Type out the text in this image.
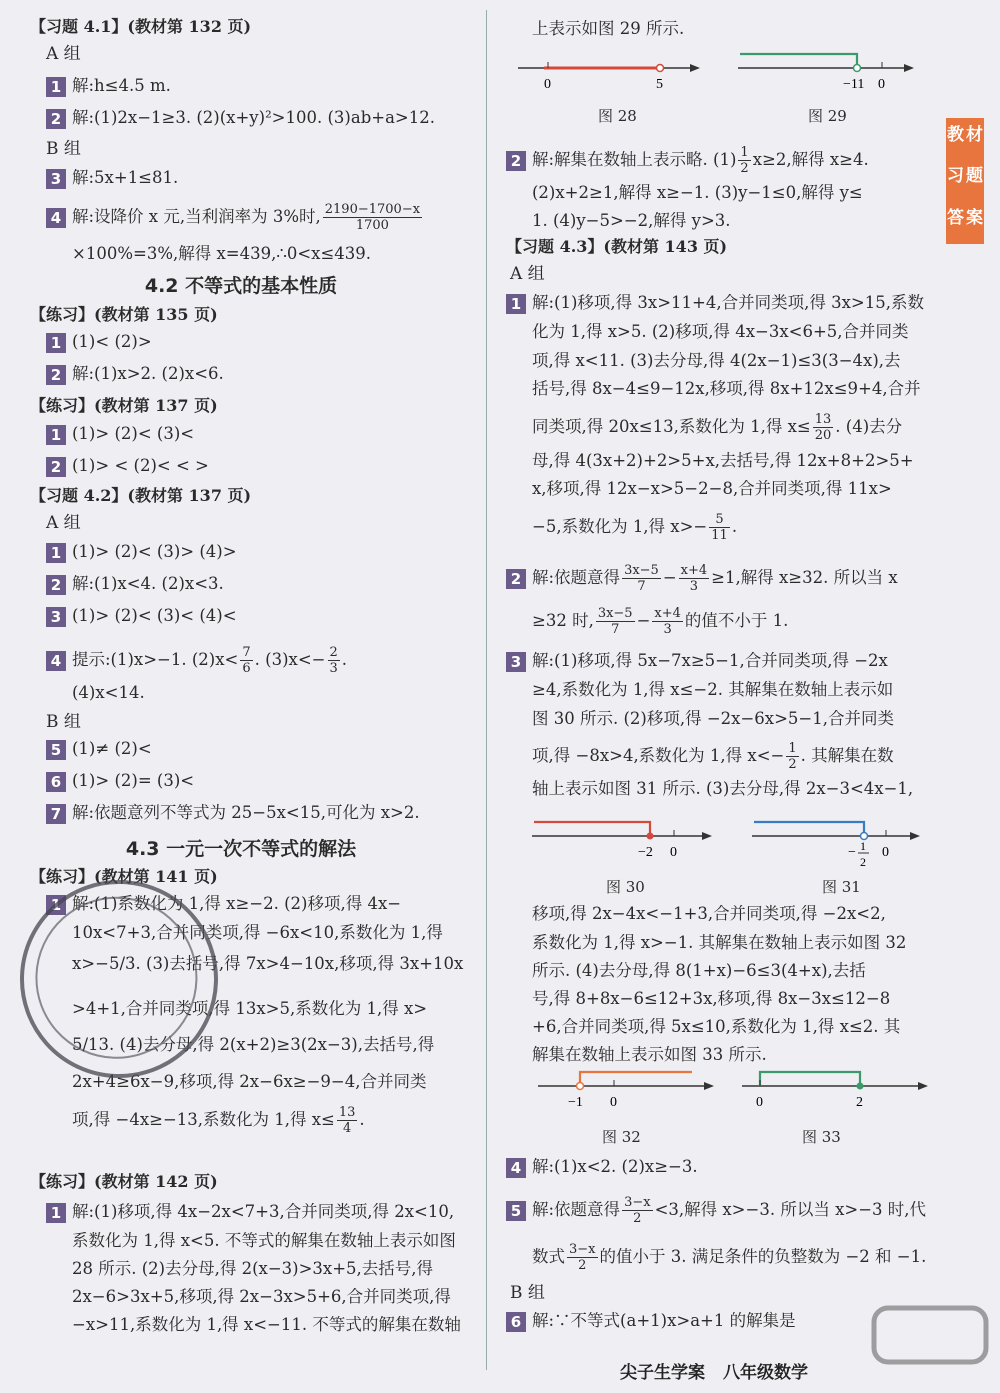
【习题 4.1】(教材第 132 页)
A 组
1 解:h≤4.5 m.
2 解:(1)2x−1≥3. (2)(x+y)²>100. (3)ab+a>12.
B 组
3 解:5x+1≤81.
4 解:设降价 x 元,当利润率为 3%时, $\frac{2190-1700-x}{1700}$
×100%=3%,解得 x=439,∴0<x≤439.
4.2 不等式的基本性质
【练习】(教材第 135 页)
1 (1)< (2)>
2 解:(1)x>2. (2)x<6.
【练习】(教材第 137 页)
1 (1)> (2)< (3)<
2 (1)> < (2)< < >
【习题 4.2】(教材第 137 页)
A 组
1 (1)> (2)< (3)> (4)>
2 解:(1)x<4. (2)x<3.
3 (1)> (2)< (3)< (4)<
4 提示:(1)x>−1. $(2)x< \frac{7}{6}$ . $(3)x<- \frac{2}{3}$ .
(4)x<14.
B 组
5 (1)≠ (2)<
6 (1)> (2)= (3)<
7 解:依题意列不等式为 25−5x<15,可化为 x>2.
4.3 一元一次不等式的解法
【练习】(教材第 141 页)
1 解:(1)系数化为 1,得 x≥−2. (2)移项,得 4x−
10x<7+3,合并同类项,得 −6x<10,系数化为 1,得
x>−5/3. (3)去括号,得 7x>4−10x,移项,得 3x+10x
>4+1,合并同类项,得 13x>5,系数化为 1,得 x>
5/13. (4)去分母,得 2(x+2)≥3(2x−3),去括号,得
2x+4≥6x−9,移项,得 2x−6x≥−9−4,合并同类
项,得 −4x≥−13,系数化为 1,得 $x\le \frac{13}{4}$ .
【练习】(教材第 142 页)
1 解:(1)移项,得 4x−2x<7+3,合并同类项,得 2x<10,
系数化为 1,得 x<5. 不等式的解集在数轴上表示如图
28 所示. (2)去分母,得 2(x−3)>3x+5,去括号,得
2x−6>3x+5,移项,得 2x−3x>5+6,合并同类项,得
−x>11,系数化为 1,得 x<−11. 不等式的解集在数轴
上表示如图 29 所示.
0	5	−11 0
图 28	图 29
2 解:解集在数轴上表示略. $(1) \frac{1}{2} x\ge 2$,解得 x≥4.
(2)x+2≥1,解得 x≥−1. (3)y−1≤0,解得 y≤
1. (4)y−5>−2,解得 y>3.
【习题 4.3】(教材第 143 页)
A 组
1 解:(1)移项,得 3x>11+4,合并同类项,得 3x>15,系数
化为 1,得 x>5. (2)移项,得 4x−3x<6+5,合并同类
项,得 x<11. (3)去分母,得 4(2x−1)≤3(3−4x),去
括号,得 8x−4≤9−12x,移项,得 8x+12x≤9+4,合并
同类项,得 20x≤13,系数化为 1,得 $x\le \frac{13}{20}$ . (4)去分
母,得 4(3x+2)+2>5+x,去括号,得 12x+8+2>5+
x,移项,得 12x−x>5−2−8,合并同类项,得 11x>
−5,系数化为 1,得 $x>- \frac{5}{11}$ .
2 解:依题意得 $\frac{3x-5}{7} - \frac{x+4}{3} \ge 1$,解得 x≥32. 所以当 x
≥32 时, $\frac{3x-5}{7} - \frac{x+4}{3}$ 的值不小于 1.
3 解:(1)移项,得 5x−7x≥5−1,合并同类项,得 −2x
≥4,系数化为 1,得 x≤−2. 其解集在数轴上表示如
图 30 所示. (2)移项,得 −2x−6x>5−1,合并同类
项,得 −8x>4,系数化为 1,得 $x<- \frac{1}{2}$ . 其解集在数
轴上表示如图 31 所示. (3)去分母,得 2x−3<4x−1,
−2 0	− 1
2
0
图 30	图 31
移项,得 2x−4x<−1+3,合并同类项,得 −2x<2,
系数化为 1,得 x>−1. 其解集在数轴上表示如图 32
所示. (4)去分母,得 8(1+x)−6≤3(4+x),去括
号,得 8+8x−6≤12+3x,移项,得 8x−3x≤12−8
+6,合并同类项,得 5x≤10,系数化为 1,得 x≤2. 其
解集在数轴上表示如图 33 所示.
−1 0	0	2
图 32	图 33
4 解:(1)x<2. (2)x≥−3.
5 解:依题意得 $\frac{3-x}{2} <3$,解得 x>−3. 所以当 x>−3 时,代
数式 $\frac{3-x}{2}$ 的值小于 3. 满足条件的负整数为 −2 和 −1.
B 组
6 解:∵不等式(a+1)x>a+1 的解集是
教 材
习 题
答 案
尖子生学案 八年级数学
